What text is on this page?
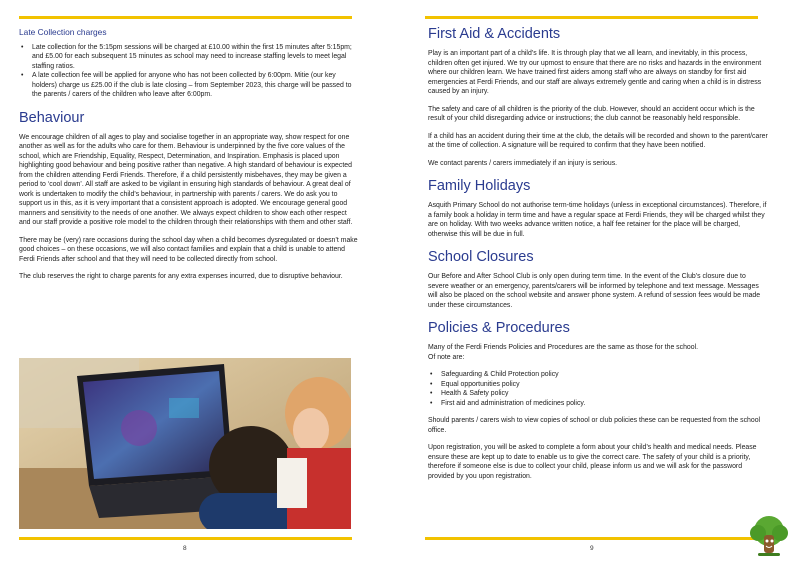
Late Collection charges
• Late collection for the 5:15pm sessions will be charged at £10.00 within the first 15 minutes after 5:15pm; and £5.00 for each subsequent 15 minutes as school may need to increase staffing levels to meet legal staffing ratios.
• A late collection fee will be applied for anyone who has not been collected by 6:00pm. Mitie (our key holders) charge us £25.00 if the club is late closing – from September 2023, this charge will be passed to the parents / carers of the children who leave after 6:00pm.
Behaviour

We encourage children of all ages to play and socialise together in an appropriate way, show respect for one another as well as for the adults who care for them. Behaviour is underpinned by the five core values of the school, which are Friendship, Equality, Respect, Determination, and Inspiration. Emphasis is placed upon highlighting good behaviour and being positive rather than negative. A high standard of behaviour is expected from the children attending Ferdi Friends. Therefore, if a child persistently misbehaves, they may be given a period to ‘cool down’. All staff are asked to be vigilant in ensuring high standards of behaviour. A great deal of work is undertaken to modify the child’s behaviour, in partnership with parents / carers. We do ask you to support us in this, as it is very important that a consistent approach is adopted. We encourage general good manners and sensitivity to the needs of one another. We always expect children to show each other respect and our staff provide a positive role model to the children through their relationships with them and other staff.

There may be (very) rare occasions during the school day when a child becomes dysregulated or doesn’t make good choices – on these occasions, we will also contact families and explain that a child is unable to attend Ferdi Friends after school and that they will need to be collected directly from school.

The club reserves the right to charge parents for any extra expenses incurred, due to disruptive behaviour.

8
First Aid & Accidents

Play is an important part of a child’s life. It is through play that we all learn, and inevitably, in this process, children often get injured. We try our upmost to ensure that there are no risks and hazards in the environment where our children learn. We have trained first aiders among staff who are always on standby for first aid emergencies at Ferdi Friends, and our staff are always extremely gentle and caring when a child is in distress caused by an injury.

The safety and care of all children is the priority of the club. However, should an accident occur which is the result of your child disregarding advice or instructions; the club cannot be reasonably held responsible.

If a child has an accident during their time at the club, the details will be recorded and shown to the parent/carer at the time of collection. A signature will be required to confirm that they have been notified.

We contact parents / carers immediately if an injury is serious.

Family Holidays

Asquith Primary School do not authorise term-time holidays (unless in exceptional circumstances). Therefore, if a family book a holiday in term time and have a regular space at Ferdi Friends, they will be charged whilst they are on holiday. With two weeks advance written notice, a half fee retainer for the place will be charged, otherwise this will be due in full.

School Closures

Our Before and After School Club is only open during term time. In the event of the Club’s closure due to severe weather or an emergency, parents/carers will be informed by telephone and text message. Messages will also be placed on the school website and answer phone system. A refund of session fees would be made under these circumstances.

Policies & Procedures

Many of the Ferdi Friends Policies and Procedures are the same as those for the school.

Of note are:

• Safeguarding & Child Protection policy
• Equal opportunities policy
• Health & Safety policy
• First aid and administration of medicines policy.

Should parents / carers wish to view copies of school or club policies these can be requested from the school office.

Upon registration, you will be asked to complete a form about your child’s health and medical needs. Please ensure these are kept up to date to enable us to give the correct care. The safety of your child is a priority, therefore if someone else is due to collect your child, please inform us and we will ask for the password provided by you upon registration.

9
